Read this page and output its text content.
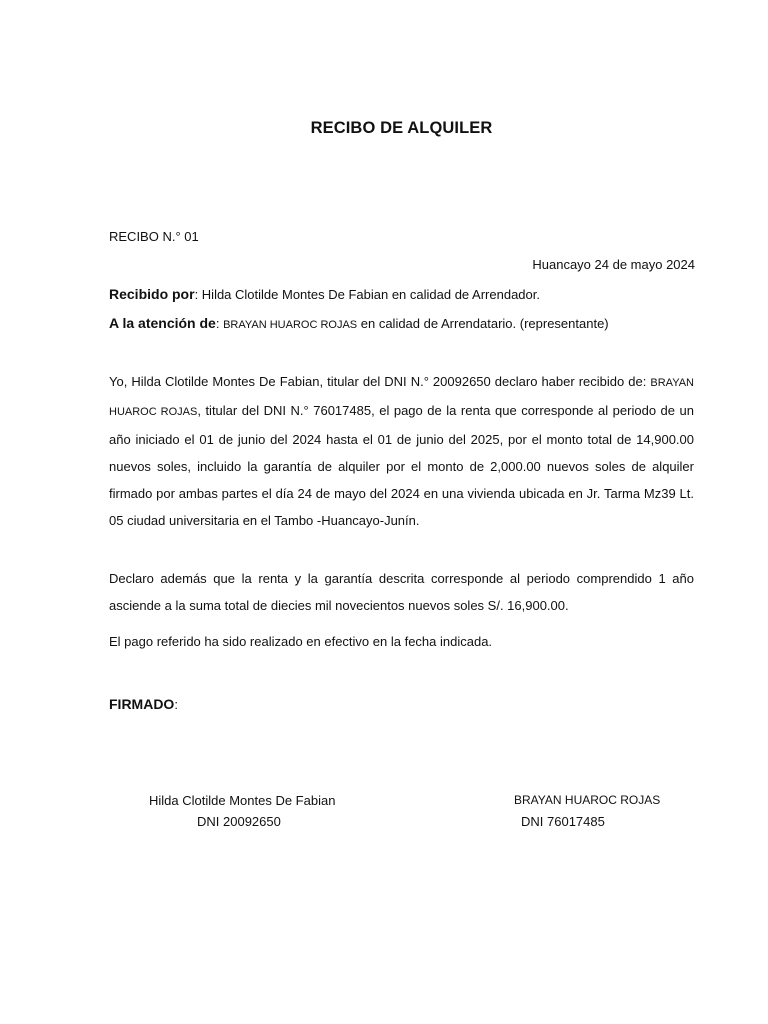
RECIBO DE ALQUILER
RECIBO N.° 01
Huancayo 24 de mayo 2024
Recibido por: Hilda Clotilde Montes De Fabian en calidad de Arrendador.
A la atención de: BRAYAN HUAROC ROJAS en calidad de Arrendatario. (representante)
Yo, Hilda Clotilde Montes De Fabian, titular del DNI N.° 20092650 declaro haber recibido de: BRAYAN HUAROC ROJAS, titular del DNI N.° 76017485, el pago de la renta que corresponde al periodo de un año iniciado el 01 de junio del 2024 hasta el 01 de junio del 2025, por el monto total de 14,900.00 nuevos soles, incluido la garantía de alquiler por el monto de 2,000.00 nuevos soles de alquiler firmado por ambas partes el día 24 de mayo del 2024 en una vivienda ubicada en Jr. Tarma Mz39 Lt. 05 ciudad universitaria en el Tambo -Huancayo-Junín.
Declaro además que la renta y la garantía descrita corresponde al periodo comprendido 1 año asciende a la suma total de diecies mil novecientos nuevos soles S/. 16,900.00.
El pago referido ha sido realizado en efectivo en la fecha indicada.
FIRMADO:
Hilda Clotilde Montes De Fabian
DNI 20092650
BRAYAN HUAROC ROJAS
DNI 76017485
